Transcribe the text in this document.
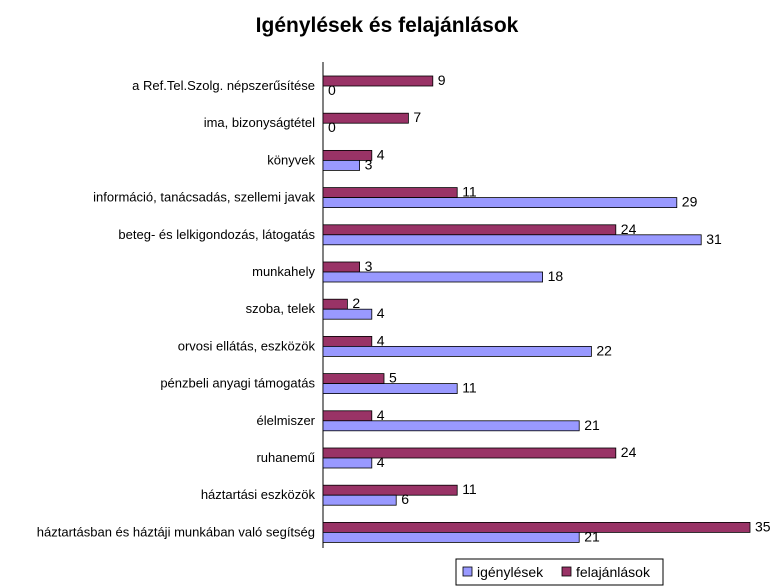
Igénylések és felajánlások
a Ref.Tel.Szolg. népszerűsítése	9
0
ima, bizonyságtétel	7
0
könyvek	4
3
információ, tanácsadás, szellemi javak	11
29
beteg- és lelkigondozás, látogatás	24
31
munkahely	3
18
szoba, telek	2
4
orvosi ellátás, eszközök	4
22
pénzbeli anyagi támogatás	5
11
élelmiszer	4
21
ruhanemű	24
4
háztartási eszközök	11
6
háztartásban és háztáji munkában való segítség	35
21
igénylések felajánlások
